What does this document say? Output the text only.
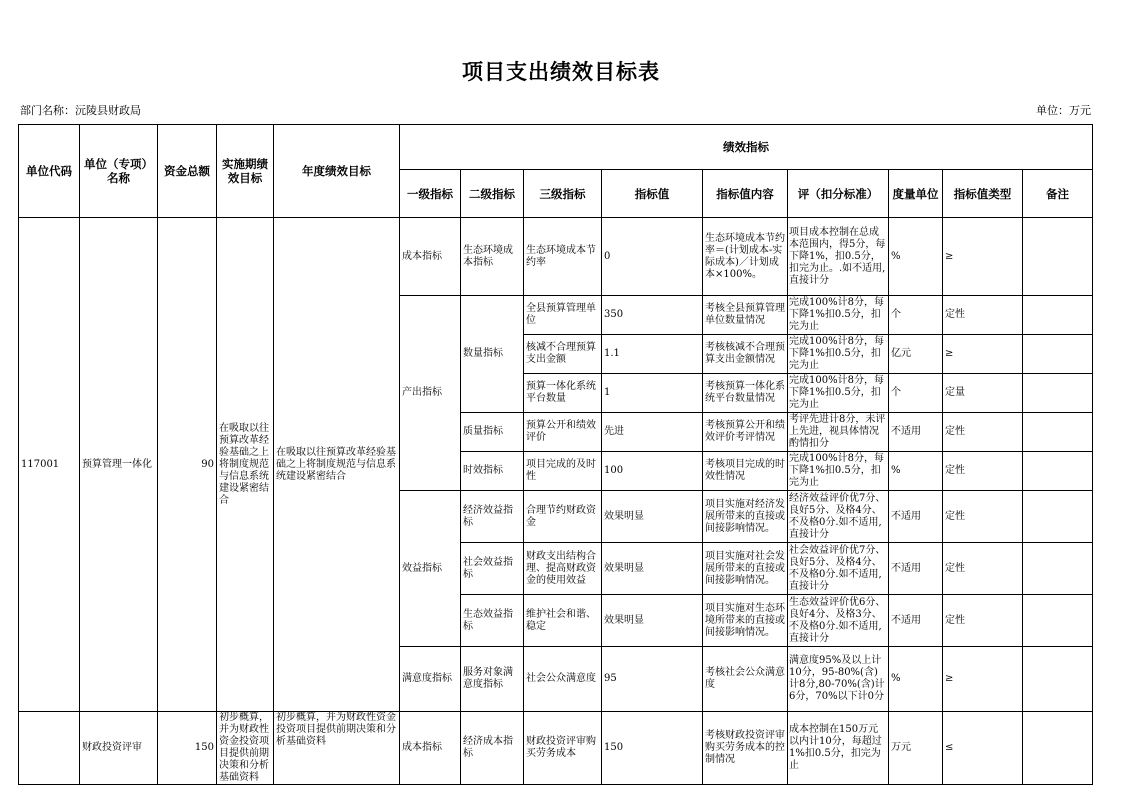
项目支出绩效目标表
部门名称：沅陵县财政局	单位：万元
单位代码	单位（专项）名称	资金总额	实施期绩效目标	年度绩效目标	绩效指标								
					一级指标	二级指标	三级指标	指标值	指标值内容	评（扣分标准）	度量单位	指标值类型	备注
117001	预算管理一体化	90	在吸取以往预算改革经验基础之上将制度规范与信息系统建设紧密结合	在吸取以往预算改革经验基础之上将制度规范与信息系统建设紧密结合	成本指标	生态环境成本指标	生态环境成本节约率	0	生态环境成本节约率＝(计划成本-实际成本)／计划成本×100%。	项目成本控制在总成本范围内，得5分，每下降1%，扣0.5分，扣完为止。.如不适用,直接计分	%	≥	
					产出指标	数量指标	全县预算管理单位	350	考核全县预算管理单位数量情况	完成100%计8分，每下降1%扣0.5分，扣完为止	个	定性	
							核减不合理预算支出金额	1.1	考核核减不合理预算支出金额情况	完成100%计8分，每下降1%扣0.5分，扣完为止	亿元	≥	
							预算一体化系统平台数量	1	考核预算一体化系统平台数量情况	完成100%计8分，每下降1%扣0.5分，扣完为止	个	定量	
						质量指标	预算公开和绩效评价	先进	考核预算公开和绩效评价考评情况	考评先进计8分，未评上先进，视具体情况酌情扣分	不适用	定性	
						时效指标	项目完成的及时性	100	考核项目完成的时效性情况	完成100%计8分，每下降1%扣0.5分，扣完为止	%	定性	
					效益指标	经济效益指标	合理节约财政资金	效果明显	项目实施对经济发展所带来的直接或间接影响情况。	经济效益评价优7分、良好5分、及格4分、不及格0分.如不适用,直接计分	不适用	定性	
						社会效益指标	财政支出结构合理、提高财政资金的使用效益	效果明显	项目实施对社会发展所带来的直接或间接影响情况。	社会效益评价优7分、良好5分、及格4分、不及格0分.如不适用,直接计分	不适用	定性	
						生态效益指标	维护社会和谐、稳定	效果明显	项目实施对生态环境所带来的直接或间接影响情况。	生态效益评价优6分、良好4分、及格3分、不及格0分.如不适用,直接计分	不适用	定性	
					满意度指标	服务对象满意度指标	社会公众满意度	95	考核社会公众满意度	满意度95%及以上计10分，95-80%(含)计8分,80-70%(含)计6分，70%以下计0分	%	≥	
	财政投资评审	150	初步概算，并为财政性资金投资项目提供前期决策和分析基础资料	初步概算，并为财政性资金投资项目提供前期决策和分析基础资料	成本指标	经济成本指标	财政投资评审购买劳务成本	150	考核财政投资评审购买劳务成本的控制情况	成本控制在150万元以内计10分，每超过1%扣0.5分，扣完为止	万元	≤	
